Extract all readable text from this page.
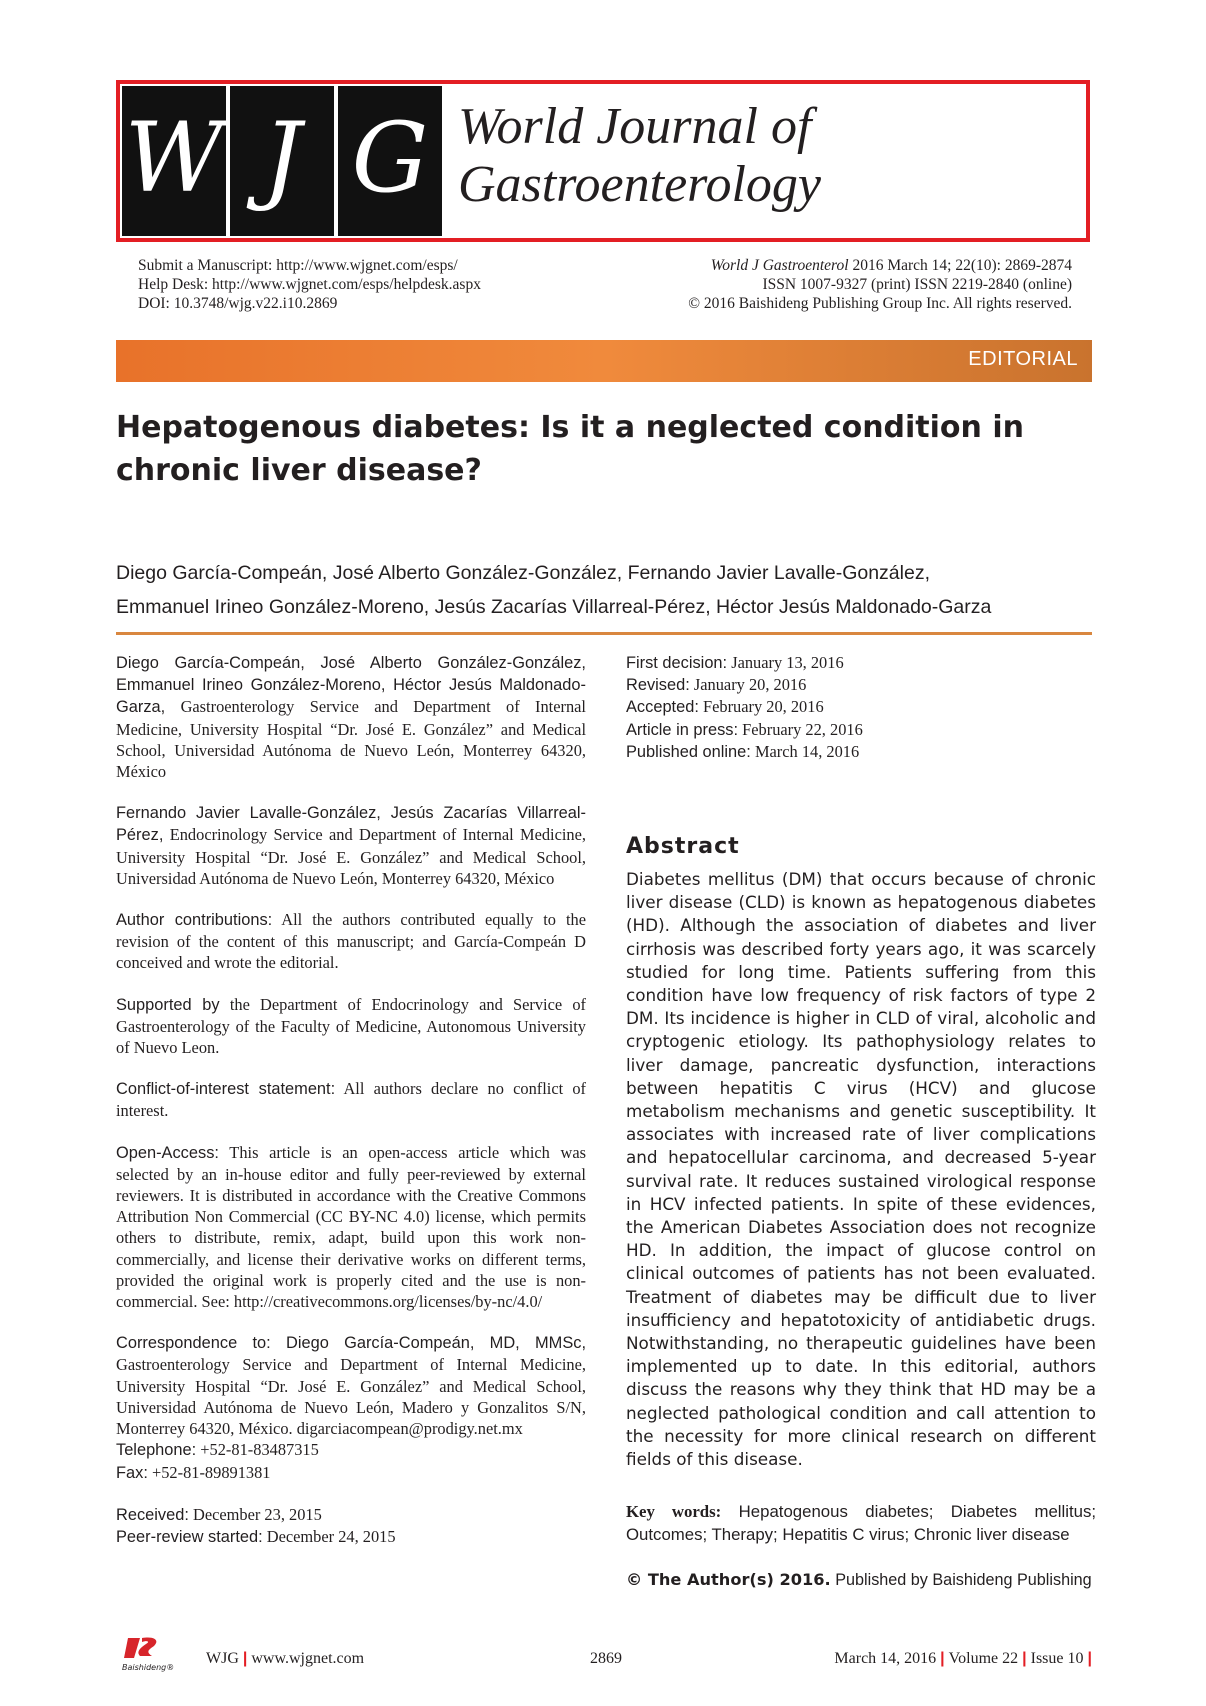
W J G World Journal of
Gastroenterology
Submit a Manuscript: http://www.wjgnet.com/esps/
Help Desk: http://www.wjgnet.com/esps/helpdesk.aspx
DOI: 10.3748/wjg.v22.i10.2869
World J Gastroenterol 2016 March 14; 22(10): 2869-2874
ISSN 1007-9327 (print) ISSN 2219-2840 (online)
© 2016 Baishideng Publishing Group Inc. All rights reserved.
EDITORIAL
Hepatogenous diabetes: Is it a neglected condition in
chronic liver disease?
Diego García-Compeán, José Alberto González-González, Fernando Javier Lavalle-González,
Emmanuel Irineo González-Moreno, Jesús Zacarías Villarreal-Pérez, Héctor Jesús Maldonado-Garza

Diego García-Compeán, José Alberto González-González, Emmanuel Irineo González-Moreno, Héctor Jesús Maldonado-Garza, Gastroenterology Service and Department of Internal Medicine, University Hospital “Dr. José E. González” and Medical School, Universidad Autónoma de Nuevo León, Monterrey 64320, México

Fernando Javier Lavalle-González, Jesús Zacarías Villarreal-Pérez, Endocrinology Service and Department of Internal Medicine, University Hospital “Dr. José E. González” and Medical School, Universidad Autónoma de Nuevo León, Monterrey 64320, México

Author contributions: All the authors contributed equally to the revision of the content of this manuscript; and García-Compeán D conceived and wrote the editorial.

Supported by the Department of Endocrinology and Service of Gastroenterology of the Faculty of Medicine, Autonomous University of Nuevo Leon.

Conflict-of-interest statement: All authors declare no conflict of interest.

Open-Access: This article is an open-access article which was selected by an in-house editor and fully peer-reviewed by external reviewers. It is distributed in accordance with the Creative Commons Attribution Non Commercial (CC BY-NC 4.0) license, which permits others to distribute, remix, adapt, build upon this work non-commercially, and license their derivative works on different terms, provided the original work is properly cited and the use is non-commercial. See: http://creativecommons.org/licenses/by-nc/4.0/

Correspondence to: Diego García-Compeán, MD, MMSc, Gastroenterology Service and Department of Internal Medicine, University Hospital “Dr. José E. González” and Medical School, Universidad Autónoma de Nuevo León, Madero y Gonzalitos S/N, Monterrey 64320, México. digarciacompean@prodigy.net.mx
Telephone: +52-81-83487315
Fax: +52-81-89891381

Received: December 23, 2015
Peer-review started: December 24, 2015

First decision: January 13, 2016
Revised: January 20, 2016
Accepted: February 20, 2016
Article in press: February 22, 2016
Published online: March 14, 2016
Abstract
Diabetes mellitus (DM) that occurs because of chronic liver disease (CLD) is known as hepatogenous diabetes (HD). Although the association of diabetes and liver cirrhosis was described forty years ago, it was scarcely studied for long time. Patients suffering from this condition have low frequency of risk factors of type 2 DM. Its incidence is higher in CLD of viral, alcoholic and cryptogenic etiology. Its pathophysiology relates to liver damage, pancreatic dysfunction, interactions between hepatitis C virus (HCV) and glucose metabolism mechanisms and genetic susceptibility. It associates with increased rate of liver complications and hepatocellular carcinoma, and decreased 5-year survival rate. It reduces sustained virological response in HCV infected patients. In spite of these evidences, the American Diabetes Association does not recognize HD. In addition, the impact of glucose control on clinical outcomes of patients has not been evaluated. Treatment of diabetes may be difficult due to liver insufficiency and hepatotoxicity of antidiabetic drugs. Notwithstanding, no therapeutic guidelines have been implemented up to date. In this editorial, authors discuss the reasons why they think that HD may be a neglected pathological condition and call attention to the necessity for more clinical research on different fields of this disease.
Key words: Hepatogenous diabetes; Diabetes mellitus; Outcomes; Therapy; Hepatitis C virus; Chronic liver disease
© The Author(s) 2016. Published by Baishideng Publishing
Baishideng®
WJG | www.wjgnet.com	2869	March 14, 2016 | Volume 22 | Issue 10 |
